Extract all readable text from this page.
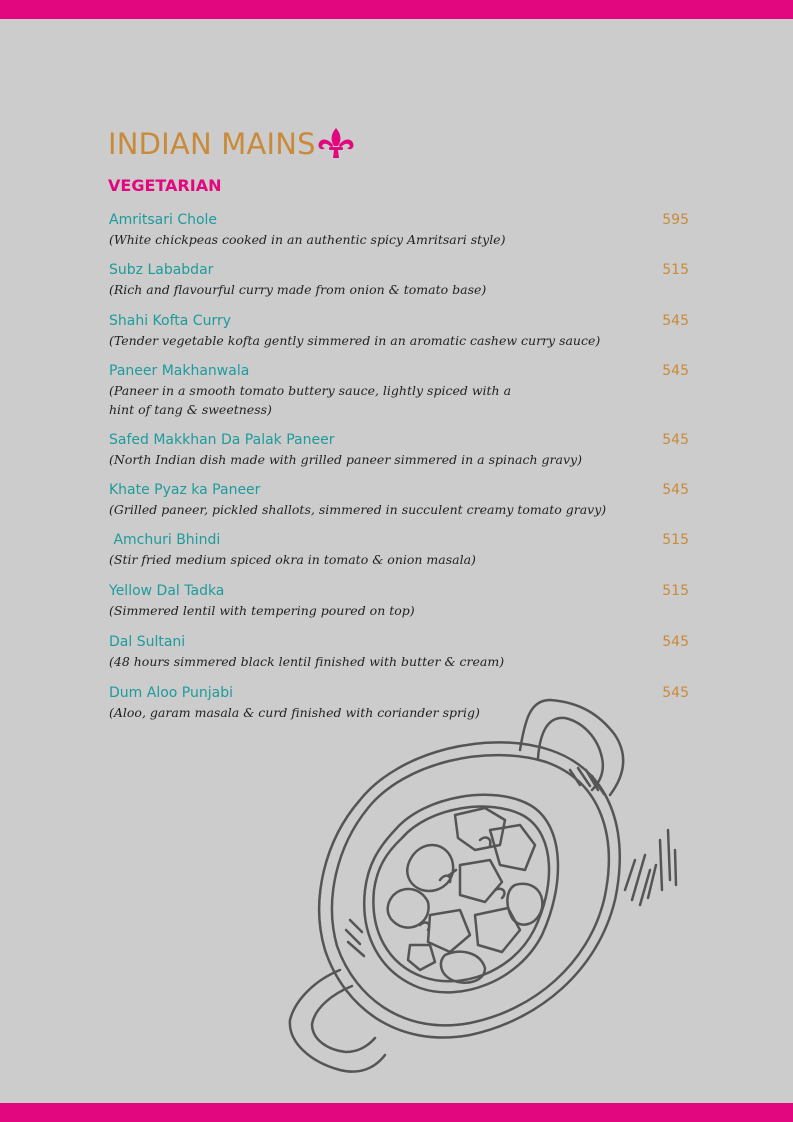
INDIAN MAINS
VEGETARIAN
Amritsari Chole
(White chickpeas cooked in an authentic spicy Amritsari style)
595
Subz Lababdar
(Rich and flavourful curry made from onion & tomato base)
515
Shahi Kofta Curry
(Tender vegetable kofta gently simmered in an aromatic cashew curry sauce)
545
Paneer Makhanwala
(Paneer in a smooth tomato buttery sauce, lightly spiced with a hint of tang & sweetness)
545
Safed Makkhan Da Palak Paneer
(North Indian dish made with grilled paneer simmered in a spinach gravy)
545
Khate Pyaz ka Paneer
(Grilled paneer, pickled shallots, simmered in succulent creamy tomato gravy)
545
Amchuri Bhindi
(Stir fried medium spiced okra in tomato & onion masala)
515
Yellow Dal Tadka
(Simmered lentil with tempering poured on top)
515
Dal Sultani
(48 hours simmered black lentil finished with butter & cream)
545
Dum Aloo Punjabi
(Aloo, garam masala & curd finished with coriander sprig)
545
